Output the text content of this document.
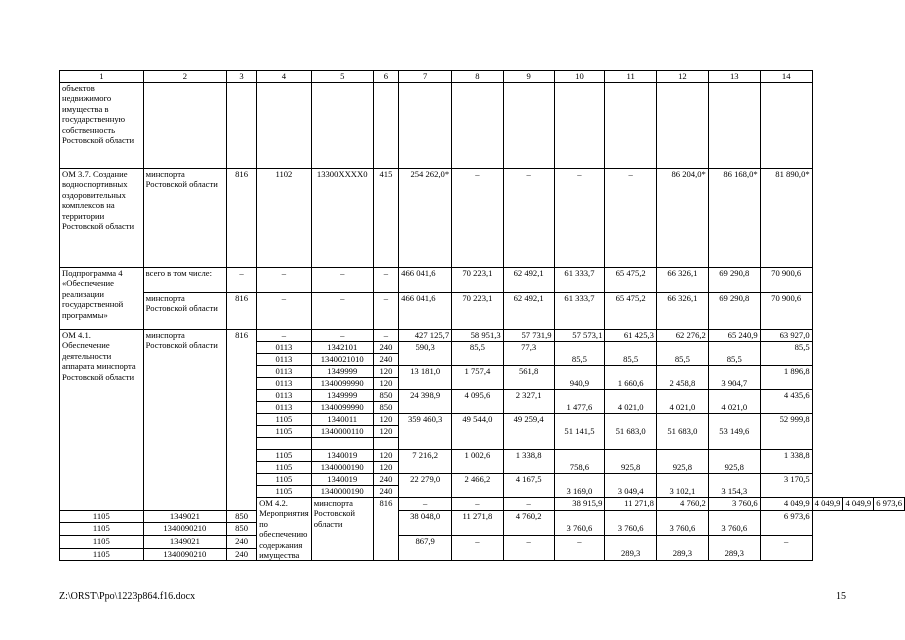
1	2	3	4	5	6	7	8	9	10	11	12	13	14			
объектов недвижимого имущества в государственную собственность Ростовской области																
ОМ 3.7. Создание водноспортивных оздоровительных комплексов на территории Ростовской области	минспорта Ростовской области	816	1102	13300XXXX0	415	254 262,0*	–	–	–	–	86 204,0*	86 168,0*	81 890,0*			
Подпрограмма 4 «Обеспечение реализации государственной программы»	всего в том числе:	–	–	–	–	466 041,6	70 223,1	62 492,1	61 333,7	65 475,2	66 326,1	69 290,8	70 900,6			
	минспорта Ростовской области	816	–	–	–	466 041,6	70 223,1	62 492,1	61 333,7	65 475,2	66 326,1	69 290,8	70 900,6			
ОМ 4.1. Обеспечение деятельности аппарата минспорта Ростовской области	минспорта Ростовской области	816	–	–	–	427 125,7	58 951,3	57 731,9	57 573,1	61 425,3	62 276,2	65 240,9	63 927,0			
			0113	1342101	240	590,3	85,5	77,3					85,5			
			0113	1340021010	240				85,5	85,5	85,5	85,5				
			0113	1349999	120	13 181,0	1 757,4	561,8					1 896,8			
			0113	1340099990	120				940,9	1 660,6	2 458,8	3 904,7				
			0113	1349999	850	24 398,9	4 095,6	2 327,1					4 435,6			
			0113	1340099990	850				1 477,6	4 021,0	4 021,0	4 021,0				
			1105	1340011	120	359 460,3	49 544,0	49 259,4					52 999,8			
			1105	1340000110	120				51 141,5	51 683,0	51 683,0	53 149,6				

			1105	1340019	120	7 216,2	1 002,6	1 338,8					1 338,8			
			1105	1340000190	120				758,6	925,8	925,8	925,8				
			1105	1340019	240	22 279,0	2 466,2	4 167,5					3 170,5			
			1105	1340000190	240				3 169,0	3 049,4	3 102,1	3 154,3				
			ОМ 4.2. Мероприятия по обеспечению содержания имущества	минспорта Ростовской области	816	–	–	–	38 915,9	11 271,8	4 760,2	3 760,6	4 049,9	4 049,9	4 049,9	6 973,6
1105	1349021	850				38 048,0	11 271,8	4 760,2					6 973,6			
1105	1340090210	850							3 760,6	3 760,6	3 760,6	3 760,6				
1105	1349021	240				867,9	–	–	–				–			
1105	1340090210	240								289,3	289,3	289,3				
Z:\ORST\Ppo\1223p864.f16.docx	15
